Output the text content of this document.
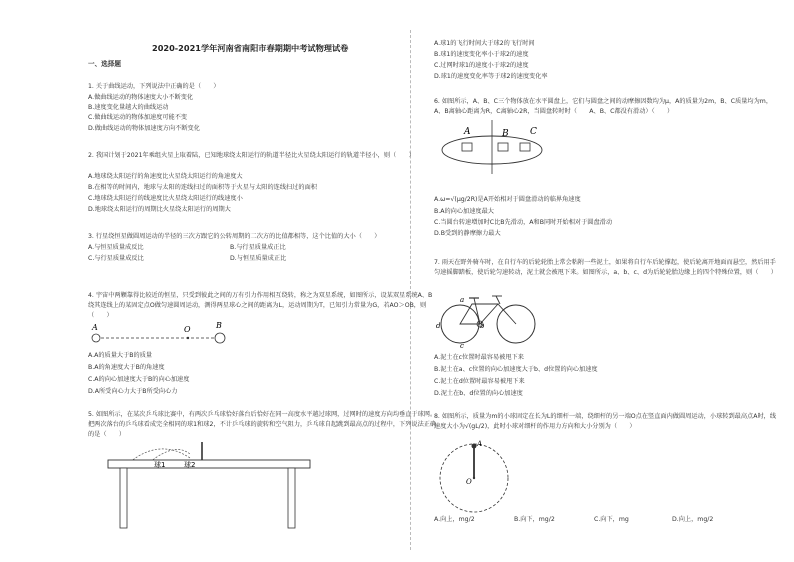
2020-2021学年河南省南阳市春期期中考试物理试卷
一、选择题
1. 关于曲线运动，下列说法中正确的是（　　）
A.做曲线运动的物体速度大小不断变化
B.速度变化量越大的曲线运动
C.做曲线运动的物体加速度可能不变
D.做曲线运动的物体加速度方向不断变化
2. 我国计划于2021年乘组火星上取着陆，已知地球绕太阳运行的轨道半径比火星绕太阳运行的轨道半径小，则（　　）
A.地球绕太阳运行的角速度比火星绕太阳运行的角速度大
B.在相等的时间内，地球与太阳的连线扫过的面积等于火星与太阳的连线扫过的面积
C.地球绕太阳运行的线速度比火星绕太阳运行的线速度小
D.地球绕太阳运行的周期比火星绕太阳运行的周期大
3. 行星绕恒星做圆周运动的半径的三次方跟它的公转周期的二次方的比值都相等，这个比值的大小（　　）
A.与恒星质量成反比	B.与行星质量成正比
C.与行星质量成反比	D.与恒星质量成正比
4. 宇宙中两颗靠得比较近的恒星，只受到彼此之间的万有引力作用相互绕转，称之为双星系统，如图所示，设某双星系统A、B绕其连线上的某固定点O做匀速圆周运动，测得两星球心之间的距离为L，运动周期为T，已知引力常量为G，若AO＞OB，则（　　）
A	O	B
A.A的质量大于B的质量
B.A的角速度大于B的角速度
C.A的向心加速度大于B的向心加速度
D.A所受向心力大于B所受向心力
5. 如图所示，在某次乒乓球比赛中，有两次乒乓球恰好落台后恰好在同一高度水平越过球网，过网时的速度方向均垂直于球网。把两次落台的乒乓球看成完全相同的球1和球2，不计乒乓球的旋转和空气阻力，乒乓球自起跳到最高点的过程中，下列说法正确的是（　　）
球1	球2
A.球1的飞行时间大于球2的飞行时间
B.球1的速度变化率小于球2的速度
C.过网时球1的速度小于球2的速度
D.球1的速度变化率等于球2的速度变化率
6. 如图所示，A、B、C三个物体放在水平圆盘上，它们与圆盘之间的动摩擦因数均为μ，A的质量为2m，B、C质量均为m，A、B离轴心距离为R，C离轴心2R，当圆盘转时时（　　A、B、C都没有滑动）（　　）
A	B C
A.ω=√(μg/2R)是A开始相对于圆盘滑动的临界角速度
B.A的向心加速度最大
C.当圆台转速增加时C比B先滑动，A和B同时开始相对于圆盘滑动
D.B受到的静摩擦力最大
7. 雨天在野外骑车时，在自行车的后轮轮胎上常会粘附一些泥土，如果将自行车后轮撑起，使后轮离开地面而悬空，然后用手匀速摇脚踏板，使后轮匀速转动，泥土就会被甩下来。如图所示，a、b、c、d为后轮轮胎边缘上的四个特殊位置，则（　　）
a
b
c
d
A.泥土在c位置时最容易被甩下来
B.泥土在a、c位置的向心加速度大于b、d位置的向心加速度
C.泥土在d位置时最容易被甩下来
D.泥土在b、d位置的向心加速度
8. 如图所示，质量为m的小球固定在长为L的细杆一端，绕细杆的另一端O点在竖直面内做圆周运动，小球转到最高点A时，线速度大小为√(gL/2)，此时小球对细杆的作用力方向和大小分别为（　　）
A
O
A.向上，mg/2	B.向下，mg/2	C.向下，mg	D.向上，mg/2
